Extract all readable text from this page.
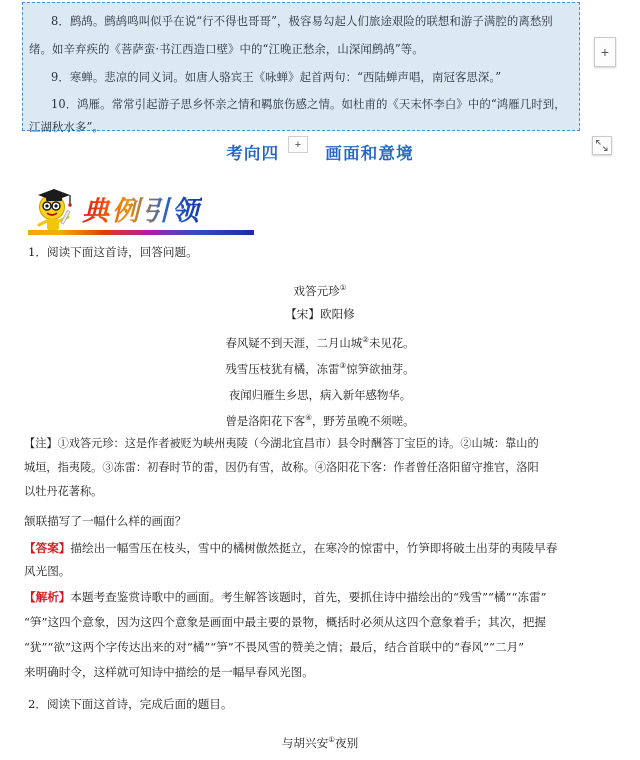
8．鹧鸪。鹧鸪鸣叫似乎在说“行不得也哥哥”，极容易勾起人们旅途艰险的联想和游子满腔的离愁别
绪。如辛弃疾的《菩萨蛮·书江西造口壁》中的“江晚正愁余，山深闻鹧鸪”等。
9．寒蝉。悲凉的同义词。如唐人骆宾王《咏蝉》起首两句：“西陆蝉声唱，南冠客思深。”
10．鸿雁。常常引起游子思乡怀亲之情和羁旅伤感之情。如杜甫的《天末怀李白》中的“鸿雁几时到，
江湖秋水多”。
+
考向四	画面和意境
+
典例引领
1．阅读下面这首诗，回答问题。
戏答元珍①
【宋】欧阳修
春风疑不到天涯，二月山城②未见花。
残雪压枝犹有橘，冻雷③惊笋欲抽芽。
夜闻归雁生乡思，病入新年感物华。
曾是洛阳花下客④，野芳虽晚不须嗟。
【注】①戏答元珍：这是作者被贬为峡州夷陵（今湖北宜昌市）县令时酬答丁宝臣的诗。②山城：靠山的
城垣，指夷陵。③冻雷：初春时节的雷，因仍有雪，故称。④洛阳花下客：作者曾任洛阳留守推官，洛阳
以牡丹花著称。
颔联描写了一幅什么样的画面？
【答案】描绘出一幅雪压在枝头，雪中的橘树傲然挺立，在寒冷的惊雷中，竹笋即将破土出芽的夷陵早春
风光图。
【解析】本题考查鉴赏诗歌中的画面。考生解答该题时，首先，要抓住诗中描绘出的“残雪”“橘”“冻雷”
“笋”这四个意象，因为这四个意象是画面中最主要的景物，概括时必须从这四个意象着手；其次，把握
“犹”“欲”这两个字传达出来的对“橘”“笋”不畏风雪的赞美之情；最后，结合首联中的“春风”“二月”
来明确时令，这样就可知诗中描绘的是一幅早春风光图。
2．阅读下面这首诗，完成后面的题目。
与胡兴安①夜别
